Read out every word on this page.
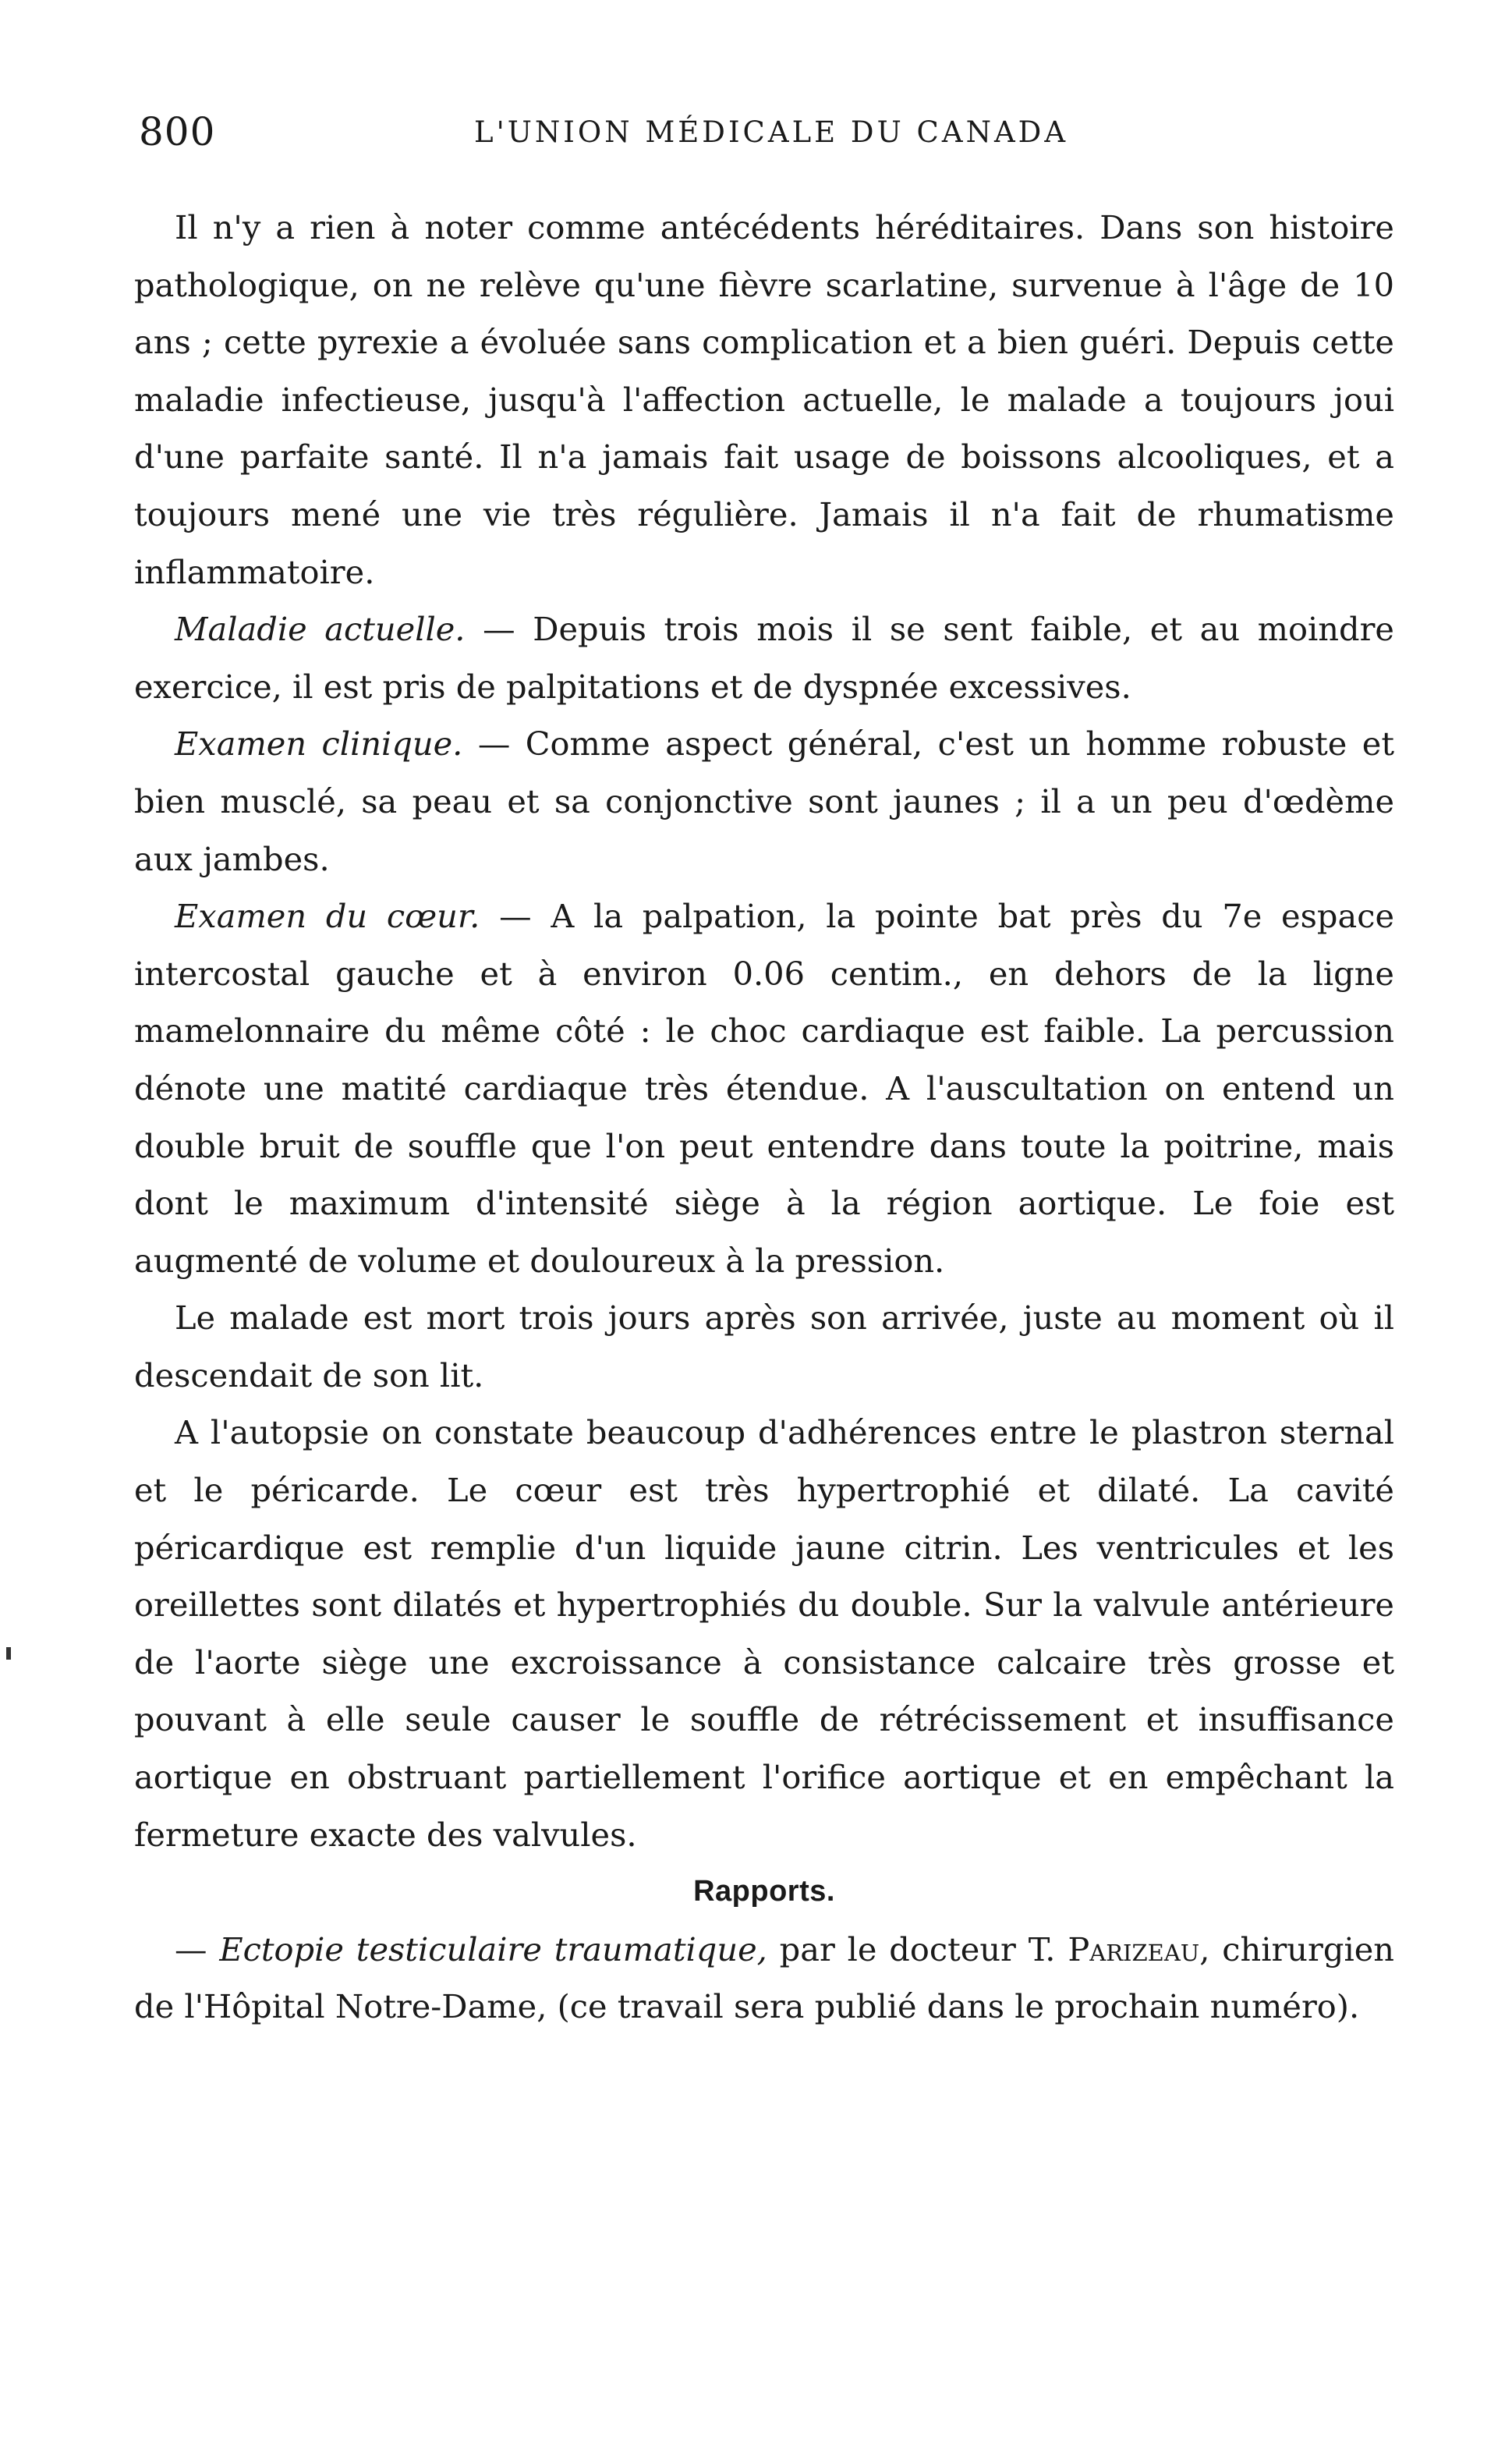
800	L'UNION MÉDICALE DU CANADA

Il n'y a rien à noter comme antécédents héréditaires. Dans son histoire pathologique, on ne relève qu'une fièvre scarlatine, survenue à l'âge de 10 ans ; cette pyrexie a évoluée sans complication et a bien guéri. Depuis cette maladie infectieuse, jusqu'à l'affection actuelle, le malade a toujours joui d'une parfaite santé. Il n'a jamais fait usage de boissons alcooliques, et a toujours mené une vie très régulière. Jamais il n'a fait de rhumatisme inflammatoire.

Maladie actuelle. — Depuis trois mois il se sent faible, et au moindre exercice, il est pris de palpitations et de dyspnée excessives.

Examen clinique. — Comme aspect général, c'est un homme robuste et bien musclé, sa peau et sa conjonctive sont jaunes ; il a un peu d'œdème aux jambes.

Examen du cœur. — A la palpation, la pointe bat près du 7e espace intercostal gauche et à environ 0.06 centim., en dehors de la ligne mamelonnaire du même côté : le choc cardiaque est faible. La percussion dénote une matité cardiaque très étendue. A l'auscultation on entend un double bruit de souffle que l'on peut entendre dans toute la poitrine, mais dont le maximum d'intensité siège à la région aortique. Le foie est augmenté de volume et douloureux à la pression.

Le malade est mort trois jours après son arrivée, juste au moment où il descendait de son lit.

A l'autopsie on constate beaucoup d'adhérences entre le plastron sternal et le péricarde. Le cœur est très hypertrophié et dilaté. La cavité péricardique est remplie d'un liquide jaune citrin. Les ventricules et les oreillettes sont dilatés et hypertrophiés du double. Sur la valvule antérieure de l'aorte siège une excroissance à consistance calcaire très grosse et pouvant à elle seule causer le souffle de rétrécissement et insuffisance aortique en obstruant partiellement l'orifice aortique et en empêchant la fermeture exacte des valvules.

Rapports.

— Ectopie testiculaire traumatique, par le docteur T. Parizeau, chirurgien de l'Hôpital Notre-Dame, (ce travail sera publié dans le prochain numéro).
